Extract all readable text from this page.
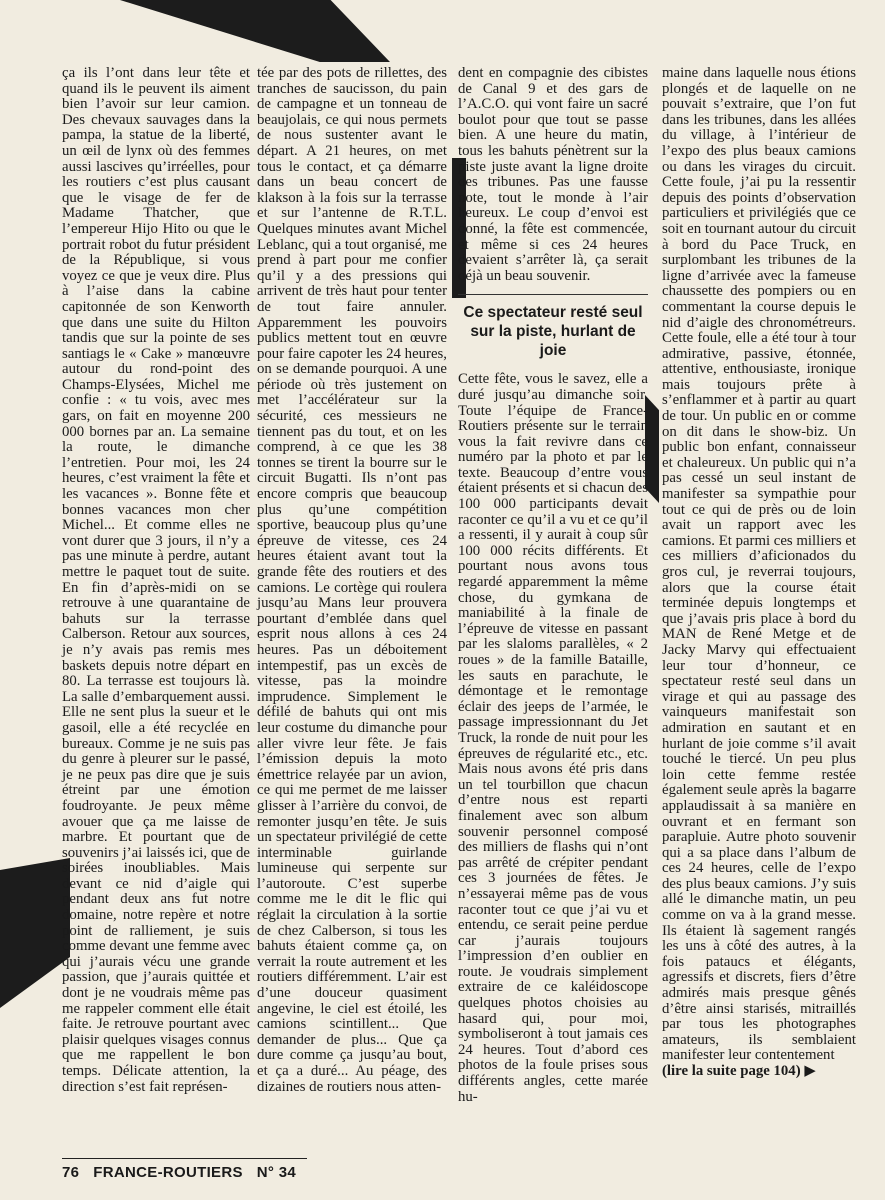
ça ils l’ont dans leur tête et quand ils le peuvent ils aiment bien l’avoir sur leur camion. Des chevaux sauvages dans la pampa, la statue de la liberté, un œil de lynx où des femmes aussi lascives qu’irréelles, pour les routiers c’est plus causant que le visage de fer de Madame Thatcher, que l’empereur Hijo Hito ou que le portrait robot du futur président de la République, si vous voyez ce que je veux dire. Plus à l’aise dans la cabine capitonnée de son Kenworth que dans une suite du Hilton tandis que sur la pointe de ses santiags le « Cake » manœuvre autour du rond-point des Champs-Elysées, Michel me confie : « tu vois, avec mes gars, on fait en moyenne 200 000 bornes par an. La semaine la route, le dimanche l’entretien. Pour moi, les 24 heures, c’est vraiment la fête et les vacances ». Bonne fête et bonnes vacances mon cher Michel... Et comme elles ne vont durer que 3 jours, il n’y a pas une minute à perdre, autant mettre le paquet tout de suite. En fin d’après-midi on se retrouve à une quarantaine de bahuts sur la terrasse Calberson. Retour aux sources, je n’y avais pas remis mes baskets depuis notre départ en 80. La terrasse est toujours là. La salle d’embarquement aussi. Elle ne sent plus la sueur et le gasoil, elle a été recyclée en bureaux. Comme je ne suis pas du genre à pleurer sur le passé, je ne peux pas dire que je suis étreint par une émotion foudroyante. Je peux même avouer que ça me laisse de marbre. Et pourtant que de souvenirs j’ai laissés ici, que de soirées inoubliables. Mais devant ce nid d’aigle qui pendant deux ans fut notre domaine, notre repère et notre point de ralliement, je suis comme devant une femme avec qui j’aurais vécu une grande passion, que j’aurais quittée et dont je ne voudrais même pas me rappeler comment elle était faite. Je retrouve pourtant avec plaisir quelques visages connus que me rappellent le bon temps. Délicate attention, la direction s’est fait représen-

tée par des pots de rillettes, des tranches de saucisson, du pain de campagne et un tonneau de beaujolais, ce qui nous permets de nous sustenter avant le départ. A 21 heures, on met tous le contact, et ça démarre dans un beau concert de klakson à la fois sur la terrasse et sur l’antenne de R.T.L. Quelques minutes avant Michel Leblanc, qui a tout organisé, me prend à part pour me confier qu’il y a des pressions qui arrivent de très haut pour tenter de tout faire annuler. Apparemment les pouvoirs publics mettent tout en œuvre pour faire capoter les 24 heures, on se demande pourquoi. A une période où très justement on met l’accélérateur sur la sécurité, ces messieurs ne tiennent pas du tout, et on les comprend, à ce que les 38 tonnes se tirent la bourre sur le circuit Bugatti. Ils n’ont pas encore compris que beaucoup plus qu’une compétition sportive, beaucoup plus qu’une épreuve de vitesse, ces 24 heures étaient avant tout la grande fête des routiers et des camions. Le cortège qui roulera jusqu’au Mans leur prouvera pourtant d’emblée dans quel esprit nous allons à ces 24 heures. Pas un déboitement intempestif, pas un excès de vitesse, pas la moindre imprudence. Simplement le défilé de bahuts qui ont mis leur costume du dimanche pour aller vivre leur fête. Je fais l’émission depuis la moto émettrice relayée par un avion, ce qui me permet de me laisser glisser à l’arrière du convoi, de remonter jusqu’en tête. Je suis un spectateur privilégié de cette interminable guirlande lumineuse qui serpente sur l’autoroute. C’est superbe comme me le dit le flic qui réglait la circulation à la sortie de chez Calberson, si tous les bahuts étaient comme ça, on verrait la route autrement et les routiers différemment. L’air est d’une douceur quasiment angevine, le ciel est étoilé, les camions scintillent... Que demander de plus... Que ça dure comme ça jusqu’au bout, et ça a duré... Au péage, des dizaines de routiers nous atten-

dent en compagnie des cibistes de Canal 9 et des gars de l’A.C.O. qui vont faire un sacré boulot pour que tout se passe bien. A une heure du matin, tous les bahuts pénètrent sur la piste juste avant la ligne droite des tribunes. Pas une fausse note, tout le monde à l’air heureux. Le coup d’envoi est donné, la fête est commencée, et même si ces 24 heures devaient s’arrêter là, ça serait déjà un beau souvenir.

Ce spectateur resté seul sur la piste, hurlant de joie

Cette fête, vous le savez, elle a duré jusqu’au dimanche soir. Toute l’équipe de France-Routiers présente sur le terrain vous la fait revivre dans ce numéro par la photo et par le texte. Beaucoup d’entre vous étaient présents et si chacun des 100 000 participants devait raconter ce qu’il a vu et ce qu’il a ressenti, il y aurait à coup sûr 100 000 récits différents. Et pourtant nous avons tous regardé apparemment la même chose, du gymkana de maniabilité à la finale de l’épreuve de vitesse en passant par les slaloms parallèles, « 2 roues » de la famille Bataille, les sauts en parachute, le démontage et le remontage éclair des jeeps de l’armée, le passage impressionnant du Jet Truck, la ronde de nuit pour les épreuves de régularité etc., etc. Mais nous avons été pris dans un tel tourbillon que chacun d’entre nous est reparti finalement avec son album souvenir personnel composé des milliers de flashs qui n’ont pas arrêté de crépiter pendant ces 3 journées de fêtes. Je n’essayerai même pas de vous raconter tout ce que j’ai vu et entendu, ce serait peine perdue car j’aurais toujours l’impression d’en oublier en route. Je voudrais simplement extraire de ce kaléidoscope quelques photos choisies au hasard qui, pour moi, symboliseront à tout jamais ces 24 heures. Tout d’abord ces photos de la foule prises sous différents angles, cette marée hu-

maine dans laquelle nous étions plongés et de laquelle on ne pouvait s’extraire, que l’on fut dans les tribunes, dans les allées du village, à l’intérieur de l’expo des plus beaux camions ou dans les virages du circuit. Cette foule, j’ai pu la ressentir depuis des points d’observation particuliers et privilégiés que ce soit en tournant autour du circuit à bord du Pace Truck, en surplombant les tribunes de la ligne d’arrivée avec la fameuse chaussette des pompiers ou en commentant la course depuis le nid d’aigle des chronométreurs. Cette foule, elle a été tour à tour admirative, passive, étonnée, attentive, enthousiaste, ironique mais toujours prête à s’enflammer et à partir au quart de tour. Un public en or comme on dit dans le show-biz. Un public bon enfant, connaisseur et chaleureux. Un public qui n’a pas cessé un seul instant de manifester sa sympathie pour tout ce qui de près ou de loin avait un rapport avec les camions. Et parmi ces milliers et ces milliers d’aficionados du gros cul, je reverrai toujours, alors que la course était terminée depuis longtemps et que j’avais pris place à bord du MAN de René Metge et de Jacky Marvy qui effectuaient leur tour d’honneur, ce spectateur resté seul dans un virage et qui au passage des vainqueurs manifestait son admiration en sautant et en hurlant de joie comme s’il avait touché le tiercé. Un peu plus loin cette femme restée également seule après la bagarre applaudissait à sa manière en ouvrant et en fermant son parapluie. Autre photo souvenir qui a sa place dans l’album de ces 24 heures, celle de l’expo des plus beaux camions. J’y suis allé le dimanche matin, un peu comme on va à la grand messe. Ils étaient là sagement rangés les uns à côté des autres, à la fois pataucs et élégants, agressifs et discrets, fiers d’être admirés mais presque gênés d’être ainsi starisés, mitraillés par tous les photographes amateurs, ils semblaient manifester leur contentement

(lire la suite page 104) ▶

76 FRANCE-ROUTIERS N° 34
